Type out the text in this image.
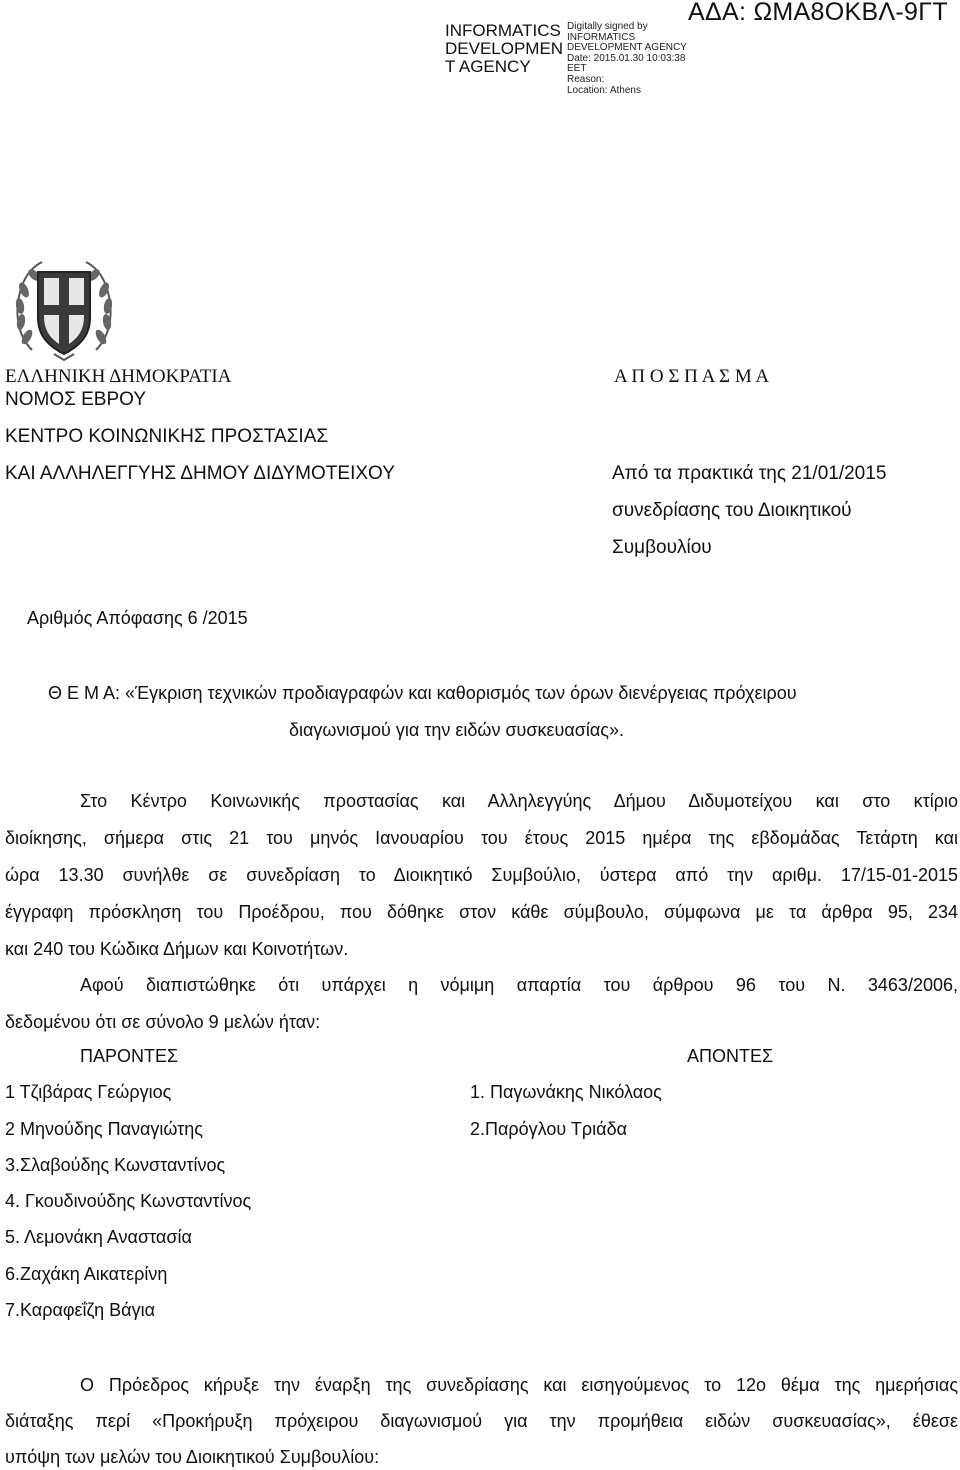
INFORMATICS
DEVELOPMEN
T AGENCY
Digitally signed by
INFORMATICS
DEVELOPMENT AGENCY
Date: 2015.01.30 10:03:38
EET
Reason:
Location: Athens
ΑΔΑ: ΩΜΑ8ΟΚΒΛ-9ΓΤ
ΕΛΛΗΝΙΚΗ ΔΗΜΟΚΡΑΤΙΑ
ΝΟΜΟΣ ΕΒΡΟΥ
ΚΕΝΤΡΟ ΚΟΙΝΩΝΙΚΗΣ ΠΡΟΣΤΑΣΙΑΣ
ΚΑΙ ΑΛΛΗΛΕΓΓΥΗΣ ΔΗΜΟΥ ΔΙΔΥΜΟΤΕΙΧΟΥ
Α Π Ο Σ Π Α Σ Μ Α
Από τα πρακτικά της 21/01/2015
συνεδρίασης του Διοικητικού
Συμβουλίου
Αριθμός Απόφασης 6 /2015
Θ Ε Μ Α: «Έγκριση τεχνικών προδιαγραφών και καθορισμός των όρων διενέργειας πρόχειρου
διαγωνισμού για την ειδών συσκευασίας».
Στο Κέντρο Κοινωνικής προστασίας και Αλληλεγγύης Δήμου Διδυμοτείχου και στο κτίριο
διοίκησης, σήμερα στις 21 του μηνός Ιανουαρίου του έτους 2015 ημέρα της εβδομάδας Τετάρτη και
ώρα 13.30 συνήλθε σε συνεδρίαση το Διοικητικό Συμβούλιο, ύστερα από την αριθμ. 17/15-01-2015
έγγραφη πρόσκληση του Προέδρου, που δόθηκε στον κάθε σύμβουλο, σύμφωνα με τα άρθρα 95, 234
και 240 του Κώδικα Δήμων και Κοινοτήτων.
Αφού διαπιστώθηκε ότι υπάρχει η νόμιμη απαρτία του άρθρου 96 του Ν. 3463/2006,
δεδομένου ότι σε σύνολο 9 μελών ήταν:
ΠΑΡΟΝΤΕΣ	ΑΠΟΝΤΕΣ
1 Τζιβάρας Γεώργιος
2 Μηνούδης Παναγιώτης
3.Σλαβούδης Κωνσταντίνος
4. Γκουδινούδης Κωνσταντίνος
5. Λεμονάκη Αναστασία
6.Ζαχάκη Αικατερίνη
7.Καραφεΐζη Βάγια
1. Παγωνάκης Νικόλαος
2.Παρόγλου Τριάδα
Ο Πρόεδρος κήρυξε την έναρξη της συνεδρίασης και εισηγούμενος το 12ο θέμα της ημερήσιας
διάταξης περί «Προκήρυξη πρόχειρου διαγωνισμού για την προμήθεια ειδών συσκευασίας», έθεσε
υπόψη των μελών του Διοικητικού Συμβουλίου:
